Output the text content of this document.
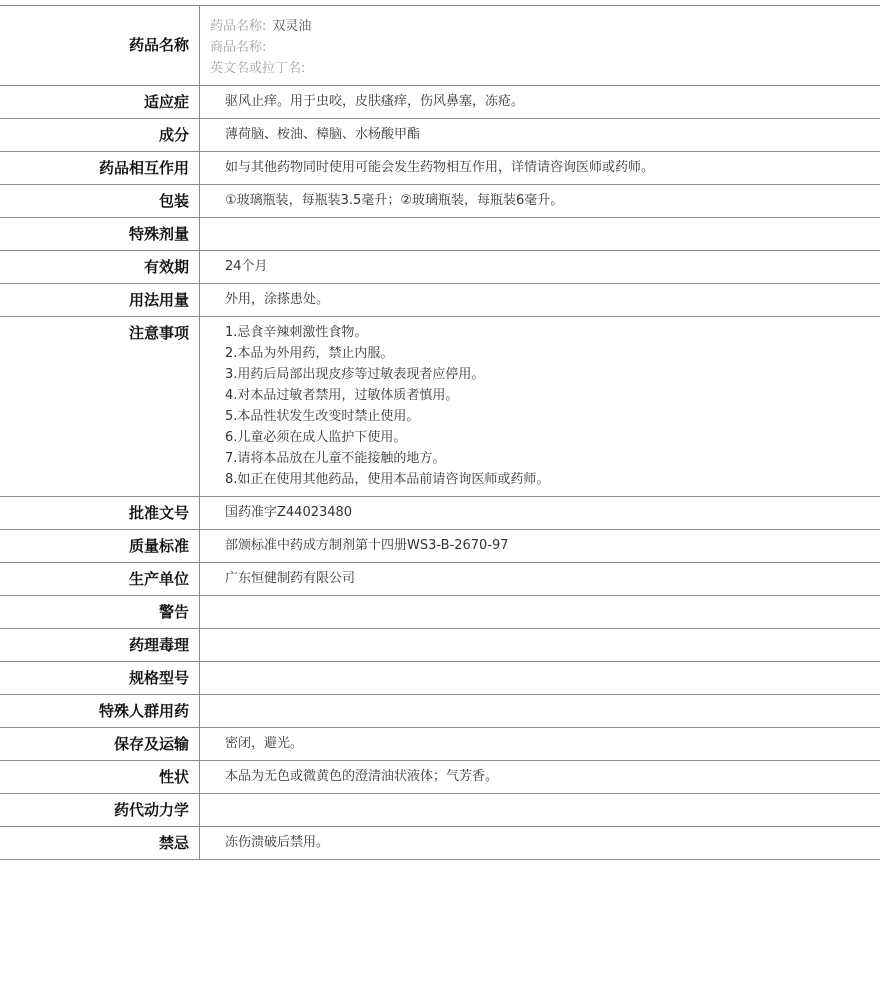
药品名称
药品名称: 双灵油
商品名称:
英文名或拉丁名:
适应症	驱风止痒。用于虫咬，皮肤瘙痒，伤风鼻塞，冻疮。
成分	薄荷脑、桉油、樟脑、水杨酸甲酯
药品相互作用	如与其他药物同时使用可能会发生药物相互作用，详情请咨询医师或药师。
包装	①玻璃瓶装，每瓶装3.5毫升；②玻璃瓶装，每瓶装6毫升。
特殊剂量
有效期	24个月
用法用量	外用，涂搽患处。
注意事项	1.忌食辛辣刺激性食物。
2.本品为外用药，禁止内服。
3.用药后局部出现皮疹等过敏表现者应停用。
4.对本品过敏者禁用，过敏体质者慎用。
5.本品性状发生改变时禁止使用。
6.儿童必须在成人监护下使用。
7.请将本品放在儿童不能接触的地方。
8.如正在使用其他药品，使用本品前请咨询医师或药师。
批准文号	国药准字Z44023480
质量标准	部颁标准中药成方制剂第十四册WS3-B-2670-97
生产单位	广东恒健制药有限公司
警告
药理毒理
规格型号
特殊人群用药
保存及运输	密闭，避光。
性状	本品为无色或微黄色的澄清油状液体；气芳香。
药代动力学
禁忌	冻伤溃破后禁用。
